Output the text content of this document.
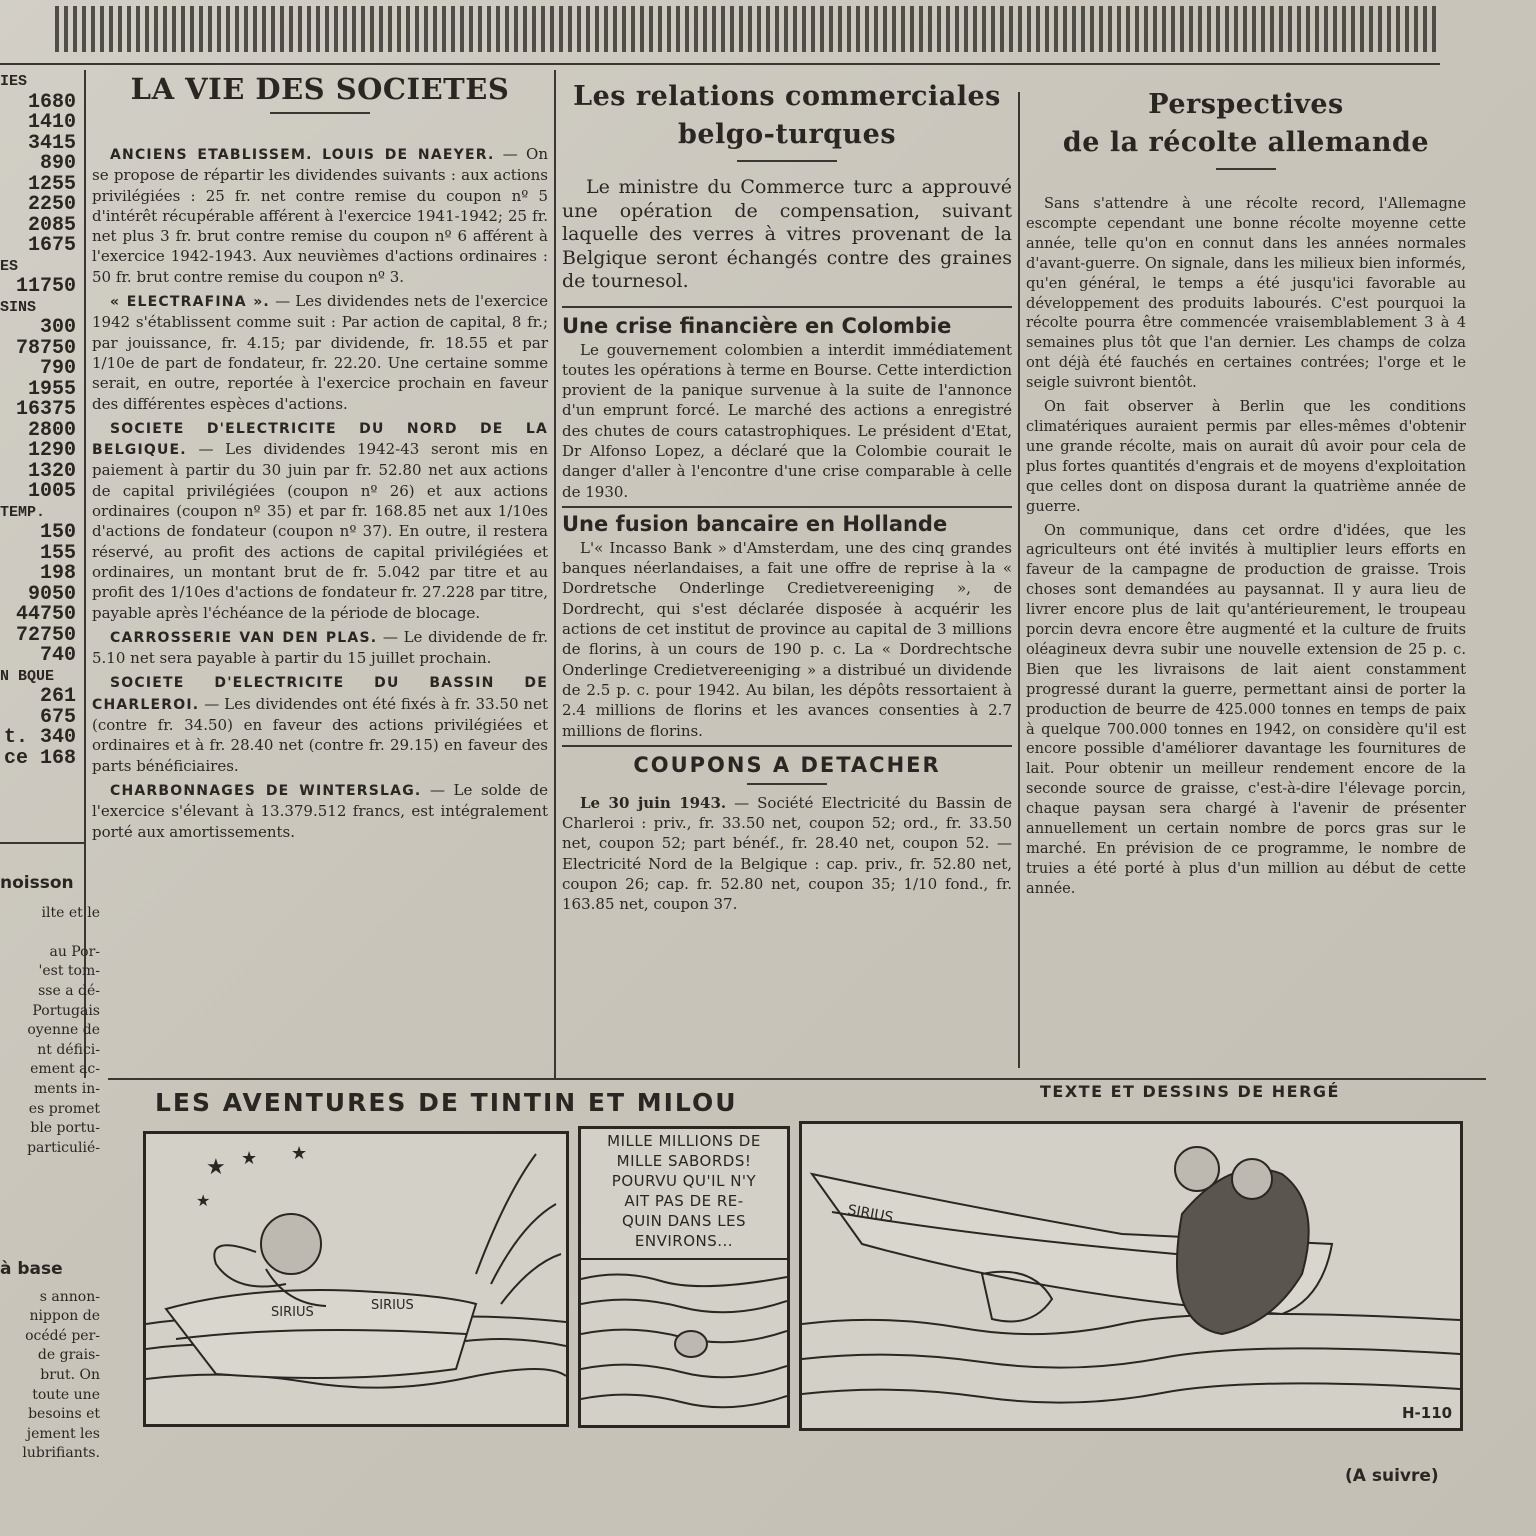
IES
1680
1410
3415
890
1255
2250
2085
1675
ES
11750
SINS
300
78750
790
1955
16375
2800
1290
1320
1005
TEMP.
150
155
198
9050
44750
72750
740
N BQUE
261
675
t. 340
ce 168
noisson
ilte et le
au Por-
'est tom-
sse a dé-
Portugais
oyenne de
nt défici-
ement ac-
ments in-
es promet
ble portu-
particulié-
à base
s annon-
nippon de
océdé per-
de grais-
brut. On
toute une
besoins et
jement les
lubrifiants.
LA VIE DES SOCIETES

ANCIENS ETABLISSEM. LOUIS DE NAEYER. — On se propose de répartir les dividendes suivants : aux actions privilégiées : 25 fr. net contre remise du coupon nº 5 d'intérêt récupérable afférent à l'exercice 1941-1942; 25 fr. net plus 3 fr. brut contre remise du coupon nº 6 afférent à l'exercice 1942-1943. Aux neuvièmes d'actions ordinaires : 50 fr. brut contre remise du coupon nº 3.

« ELECTRAFINA ». — Les dividendes nets de l'exercice 1942 s'établissent comme suit : Par action de capital, 8 fr.; par jouissance, fr. 4.15; par dividende, fr. 18.55 et par 1/10e de part de fondateur, fr. 22.20. Une certaine somme serait, en outre, reportée à l'exercice prochain en faveur des différentes espèces d'actions.

SOCIETE D'ELECTRICITE DU NORD DE LA BELGIQUE. — Les dividendes 1942-43 seront mis en paiement à partir du 30 juin par fr. 52.80 net aux actions de capital privilégiées (coupon nº 26) et aux actions ordinaires (coupon nº 35) et par fr. 168.85 net aux 1/10es d'actions de fondateur (coupon nº 37). En outre, il restera réservé, au profit des actions de capital privilégiées et ordinaires, un montant brut de fr. 5.042 par titre et au profit des 1/10es d'actions de fondateur fr. 27.228 par titre, payable après l'échéance de la période de blocage.

CARROSSERIE VAN DEN PLAS. — Le dividende de fr. 5.10 net sera payable à partir du 15 juillet prochain.

SOCIETE D'ELECTRICITE DU BASSIN DE CHARLEROI. — Les dividendes ont été fixés à fr. 33.50 net (contre fr. 34.50) en faveur des actions privilégiées et ordinaires et à fr. 28.40 net (contre fr. 29.15) en faveur des parts bénéficiaires.

CHARBONNAGES DE WINTERSLAG. — Le solde de l'exercice s'élevant à 13.379.512 francs, est intégralement porté aux amortissements.

Les relations commerciales
belgo-turques
Le ministre du Commerce turc a approuvé une opération de compensation, suivant laquelle des verres à vitres provenant de la Belgique seront échangés contre des graines de tournesol.
Une crise financière en Colombie

Le gouvernement colombien a interdit immédiatement toutes les opérations à terme en Bourse. Cette interdiction provient de la panique survenue à la suite de l'annonce d'un emprunt forcé. Le marché des actions a enregistré des chutes de cours catastrophiques. Le président d'Etat, Dr Alfonso Lopez, a déclaré que la Colombie courait le danger d'aller à l'encontre d'une crise comparable à celle de 1930.

Une fusion bancaire en Hollande

L'« Incasso Bank » d'Amsterdam, une des cinq grandes banques néerlandaises, a fait une offre de reprise à la « Dordretsche Onderlinge Credietvereeniging », de Dordrecht, qui s'est déclarée disposée à acquérir les actions de cet institut de province au capital de 3 millions de florins, à un cours de 190 p. c. La « Dordrechtsche Onderlinge Credietvereeniging » a distribué un dividende de 2.5 p. c. pour 1942. Au bilan, les dépôts ressortaient à 2.4 millions de florins et les avances consenties à 2.7 millions de florins.

COUPONS A DETACHER

Le 30 juin 1943. — Société Electricité du Bassin de Charleroi : priv., fr. 33.50 net, coupon 52; ord., fr. 33.50 net, coupon 52; part bénéf., fr. 28.40 net, coupon 52. — Electricité Nord de la Belgique : cap. priv., fr. 52.80 net, coupon 26; cap. fr. 52.80 net, coupon 35; 1/10 fond., fr. 163.85 net, coupon 37.

Perspectives
de la récolte allemande

Sans s'attendre à une récolte record, l'Allemagne escompte cependant une bonne récolte moyenne cette année, telle qu'on en connut dans les années normales d'avant-guerre. On signale, dans les milieux bien informés, qu'en général, le temps a été jusqu'ici favorable au développement des produits labourés. C'est pourquoi la récolte pourra être commencée vraisemblablement 3 à 4 semaines plus tôt que l'an dernier. Les champs de colza ont déjà été fauchés en certaines contrées; l'orge et le seigle suivront bientôt.

On fait observer à Berlin que les conditions climatériques auraient permis par elles-mêmes d'obtenir une grande récolte, mais on aurait dû avoir pour cela de plus fortes quantités d'engrais et de moyens d'exploitation que celles dont on disposa durant la quatrième année de guerre.

On communique, dans cet ordre d'idées, que les agriculteurs ont été invités à multiplier leurs efforts en faveur de la campagne de production de graisse. Trois choses sont demandées au paysannat. Il y aura lieu de livrer encore plus de lait qu'antérieurement, le troupeau porcin devra encore être augmenté et la culture de fruits oléagineux devra subir une nouvelle extension de 25 p. c. Bien que les livraisons de lait aient constamment progressé durant la guerre, permettant ainsi de porter la production de beurre de 425.000 tonnes en temps de paix à quelque 700.000 tonnes en 1942, on considère qu'il est encore possible d'améliorer davantage les fournitures de lait. Pour obtenir un meilleur rendement encore de la seconde source de graisse, c'est-à-dire l'élevage porcin, chaque paysan sera chargé à l'avenir de présenter annuellement un certain nombre de porcs gras sur le marché. En prévision de ce programme, le nombre de truies a été porté à plus d'un million au début de cette année.

LES AVENTURES DE TINTIN ET MILOU	TEXTE ET DESSINS DE HERGÉ
SIRIUS	SIRIUS
★ ★ ★
★
MILLE MILLIONS DE
MILLE SABORDS!
POURVU QU'IL N'Y
AIT PAS DE RE-
QUIN DANS LES
ENVIRONS...
SIRIUS
H-110
(A suivre)
